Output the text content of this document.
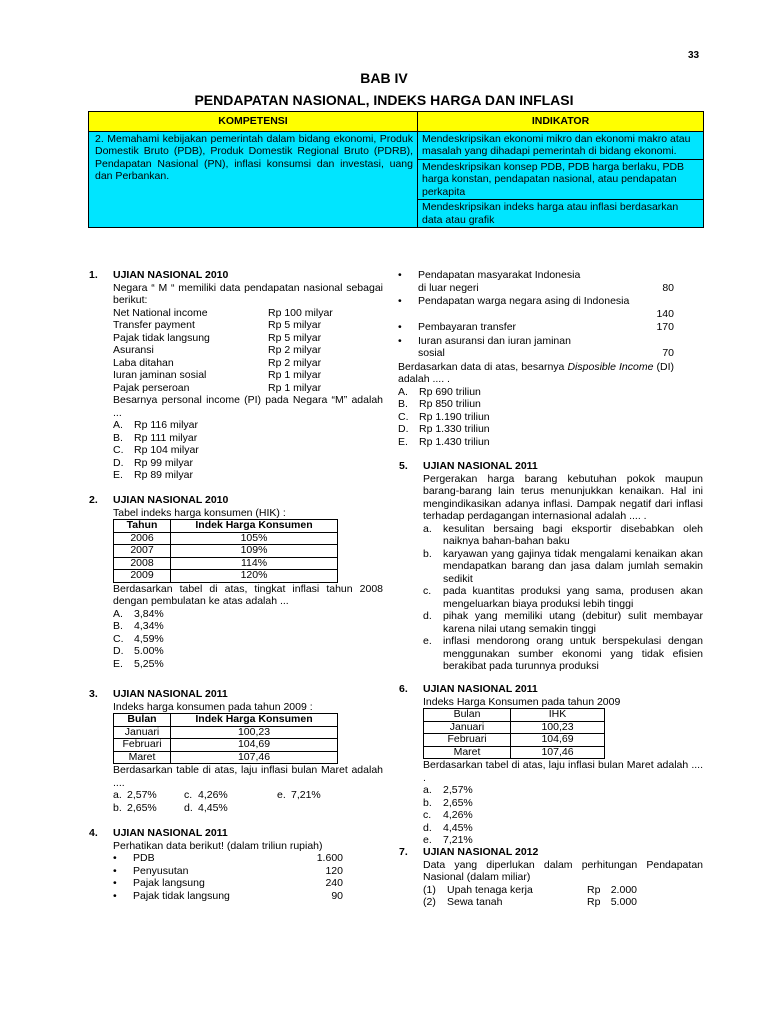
33
BAB IV
PENDAPATAN NASIONAL, INDEKS HARGA DAN INFLASI
KOMPETENSI	INDIKATOR
2. Memahami kebijakan pemerintah dalam bidang ekonomi, Produk Domestik Bruto (PDB), Produk Domestik Regional Bruto (PDRB), Pendapatan Nasional (PN), inflasi konsumsi dan investasi, uang dan Perbankan.	Mendeskripsikan ekonomi mikro dan ekonomi makro atau masalah yang dihadapi pemerintah di bidang ekonomi.
	Mendeskripsikan konsep PDB, PDB harga berlaku, PDB harga konstan, pendapatan nasional, atau pendapatan perkapita
	Mendeskripsikan indeks harga atau inflasi berdasarkan data atau grafik
1. UJIAN NASIONAL 2010
Negara “ M “ memiliki data pendapatan nasional sebagai berikut:
Net National income	Rp 100 milyar
Transfer payment	Rp 5 milyar
Pajak tidak langsung	Rp 5 milyar
Asuransi	Rp 2 milyar
Laba ditahan	Rp 2 milyar
Iuran jaminan sosial	Rp 1 milyar
Pajak perseroan	Rp 1 milyar
Besarnya personal income (PI) pada Negara “M” adalah ...
A.	Rp 116 milyar
B.	Rp 111 milyar
C.	Rp 104 milyar
D.	Rp 99 milyar
E.	Rp 89 milyar
2. UJIAN NASIONAL 2010
Tabel indeks harga konsumen (HIK) :
Tahun	Indek Harga Konsumen
2006	105%
2007	109%
2008	114%
2009	120%
Berdasarkan tabel di atas, tingkat inflasi tahun 2008 dengan pembulatan ke atas adalah ...
A.	3,84%
B.	4,34%
C.	4,59%
D.	5.00%
E.	5,25%
3. UJIAN NASIONAL 2011
Indeks harga konsumen pada tahun 2009 :
Bulan	Indek Harga Konsumen
Januari	100,23
Februari	104,69
Maret	107,46
Berdasarkan table di atas, laju inflasi bulan Maret adalah ....
a. 2,57%	c. 4,26%	e. 7,21%
b. 2,65%	d. 4,45%
4. UJIAN NASIONAL 2011
Perhatikan data berikut! (dalam triliun rupiah)
•	PDB	1.600
•	Penyusutan	120
•	Pajak langsung	240
•	Pajak tidak langsung	90
•	Pendapatan masyarakat Indonesia
di luar negeri	80
•	Pendapatan warga negara asing di Indonesia
140
•	Pembayaran transfer	170
•	Iuran asuransi dan iuran jaminan
sosial	70
Berdasarkan data di atas, besarnya Disposible Income (DI) adalah .... .
A.	Rp 690 triliun
B.	Rp 850 triliun
C.	Rp 1.190 triliun
D.	Rp 1.330 triliun
E.	Rp 1.430 triliun
5. UJIAN NASIONAL 2011
Pergerakan harga barang kebutuhan pokok maupun barang-barang lain terus menunjukkan kenaikan. Hal ini mengindikasikan adanya inflasi. Dampak negatif dari inflasi terhadap perdagangan internasional adalah .... .
a.	kesulitan bersaing bagi eksportir disebabkan oleh naiknya bahan-bahan baku
b.	karyawan yang gajinya tidak mengalami kenaikan akan mendapatkan barang dan jasa dalam jumlah semakin sedikit
c.	pada kuantitas produksi yang sama, produsen akan mengeluarkan biaya produksi lebih tinggi
d.	pihak yang memiliki utang (debitur) sulit membayar karena nilai utang semakin tinggi
e.	inflasi mendorong orang untuk berspekulasi dengan menggunakan sumber ekonomi yang tidak efisien berakibat pada turunnya produksi
6. UJIAN NASIONAL 2011
Indeks Harga Konsumen pada tahun 2009
Bulan	IHK
Januari	100,23
Februari	104,69
Maret	107,46
Berdasarkan tabel di atas, laju inflasi bulan Maret adalah .... .
a.	2,57%
b.	2,65%
c.	4,26%
d.	4,45%
e.	7,21%
7. UJIAN NASIONAL 2012
Data yang diperlukan dalam perhitungan Pendapatan Nasional (dalam miliar)
(1)	Upah tenaga kerja	Rp 2.000
(2)	Sewa tanah	Rp 5.000
